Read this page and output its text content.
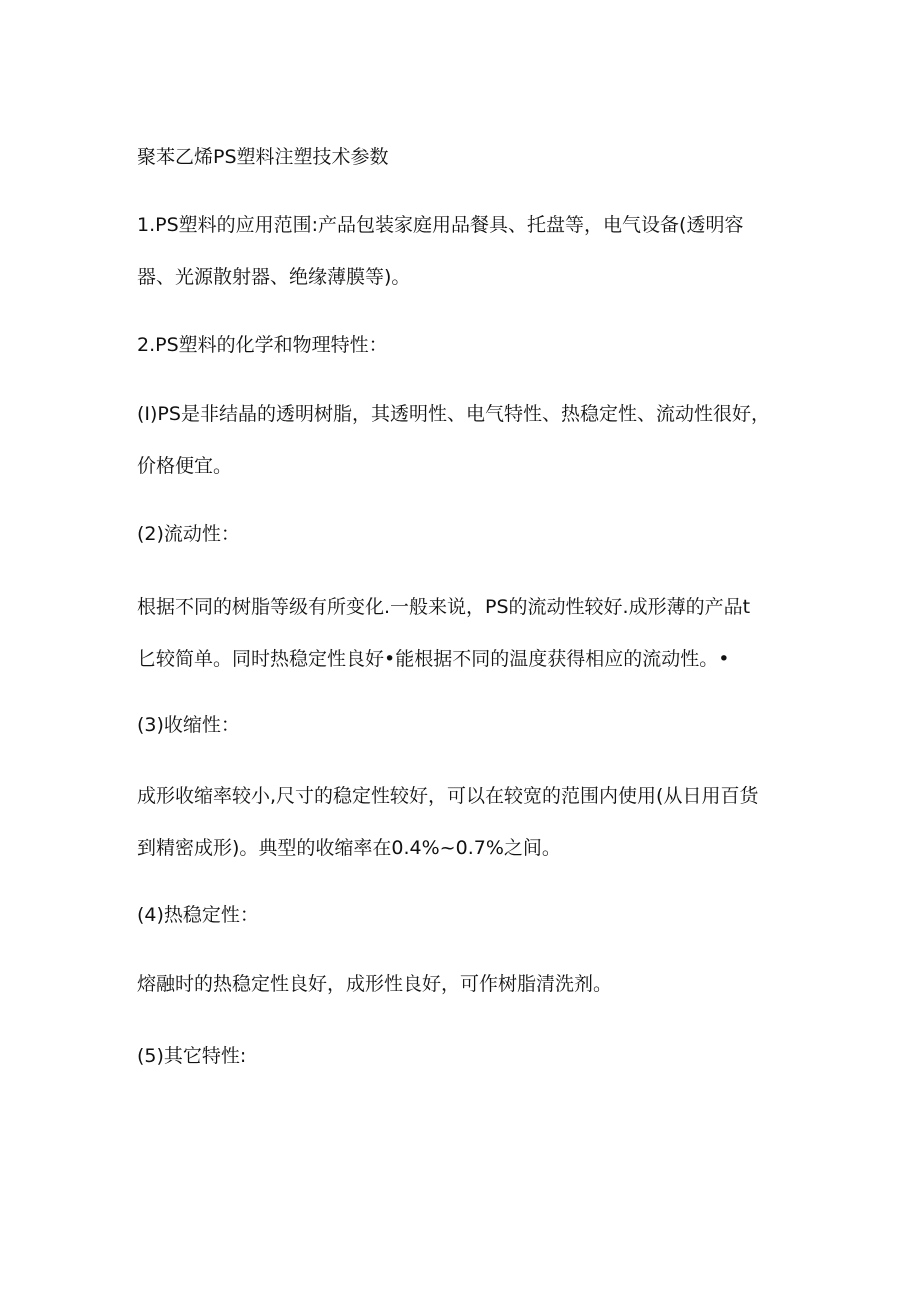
聚苯乙烯PS塑料注塑技术参数
1.PS塑料的应用范围:产品包装家庭用品餐具、托盘等，电气设备(透明容
器、光源散射器、绝缘薄膜等)。
2.PS塑料的化学和物理特性：
(I)PS是非结晶的透明树脂，其透明性、电气特性、热稳定性、流动性很好，
价格便宜。
(2)流动性：
根据不同的树脂等级有所变化.一般来说，PS的流动性较好.成形薄的产品t
匕较简单。同时热稳定性良好•能根据不同的温度获得相应的流动性。•
(3)收缩性：
成形收缩率较小,尺寸的稳定性较好，可以在较宽的范围内使用(从日用百货
到精密成形)。典型的收缩率在0.4%~0.7%之间。
(4)热稳定性：
熔融时的热稳定性良好，成形性良好，可作树脂清洗剂。
(5)其它特性:
